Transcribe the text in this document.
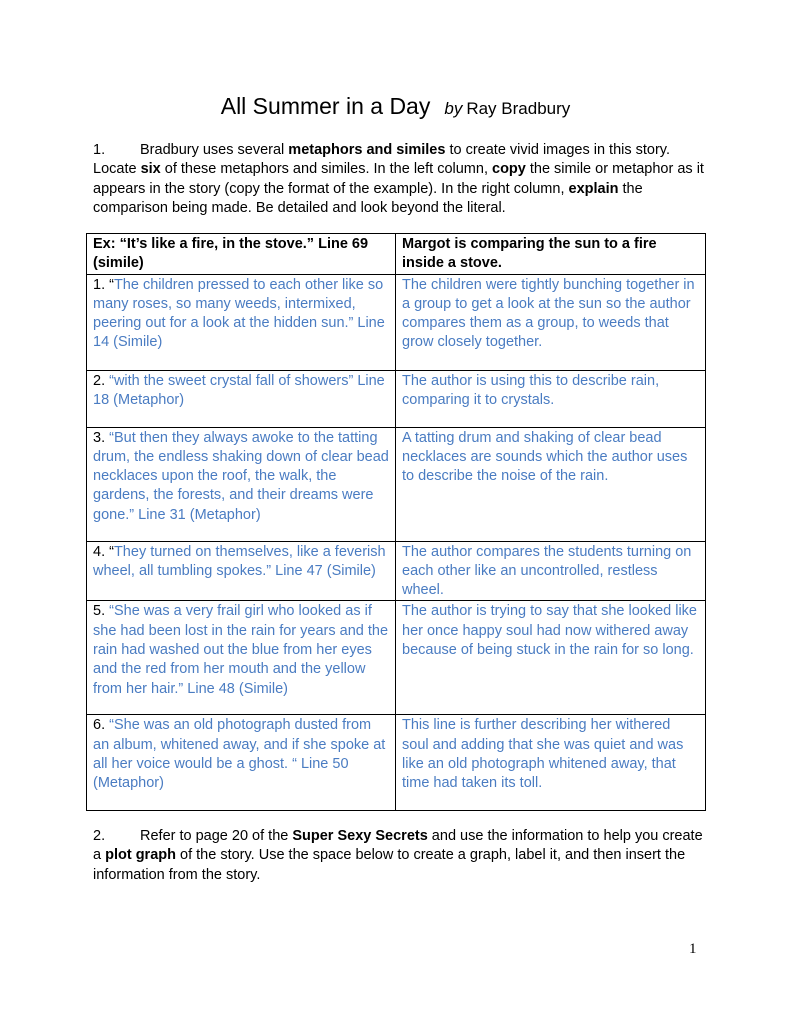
All Summer in a Day by Ray Bradbury
1. Bradbury uses several metaphors and similes to create vivid images in this story. Locate six of these metaphors and similes. In the left column, copy the simile or metaphor as it appears in the story (copy the format of the example). In the right column, explain the comparison being made. Be detailed and look beyond the literal.
Ex: “It’s like a fire, in the stove.” Line 69 (simile)	Margot is comparing the sun to a fire inside a stove.
1. “The children pressed to each other like so many roses, so many weeds, intermixed, peering out for a look at the hidden sun.” Line 14 (Simile)	The children were tightly bunching together in a group to get a look at the sun so the author compares them as a group, to weeds that grow closely together.
2. “with the sweet crystal fall of showers” Line 18 (Metaphor)	The author is using this to describe rain, comparing it to crystals.
3. “But then they always awoke to the tatting drum, the endless shaking down of clear bead necklaces upon the roof, the walk, the gardens, the forests, and their dreams were gone.” Line 31 (Metaphor)	A tatting drum and shaking of clear bead necklaces are sounds which the author uses to describe the noise of the rain.
4. “They turned on themselves, like a feverish wheel, all tumbling spokes.” Line 47 (Simile)	The author compares the students turning on each other like an uncontrolled, restless wheel.
5. “She was a very frail girl who looked as if she had been lost in the rain for years and the rain had washed out the blue from her eyes and the red from her mouth and the yellow from her hair.” Line 48 (Simile)	The author is trying to say that she looked like her once happy soul had now withered away because of being stuck in the rain for so long.
6. “She was an old photograph dusted from an album, whitened away, and if she spoke at all her voice would be a ghost. “ Line 50 (Metaphor)	This line is further describing her withered soul and adding that she was quiet and was like an old photograph whitened away, that time had taken its toll.
2. Refer to page 20 of the Super Sexy Secrets and use the information to help you create a plot graph of the story. Use the space below to create a graph, label it, and then insert the information from the story.
1
